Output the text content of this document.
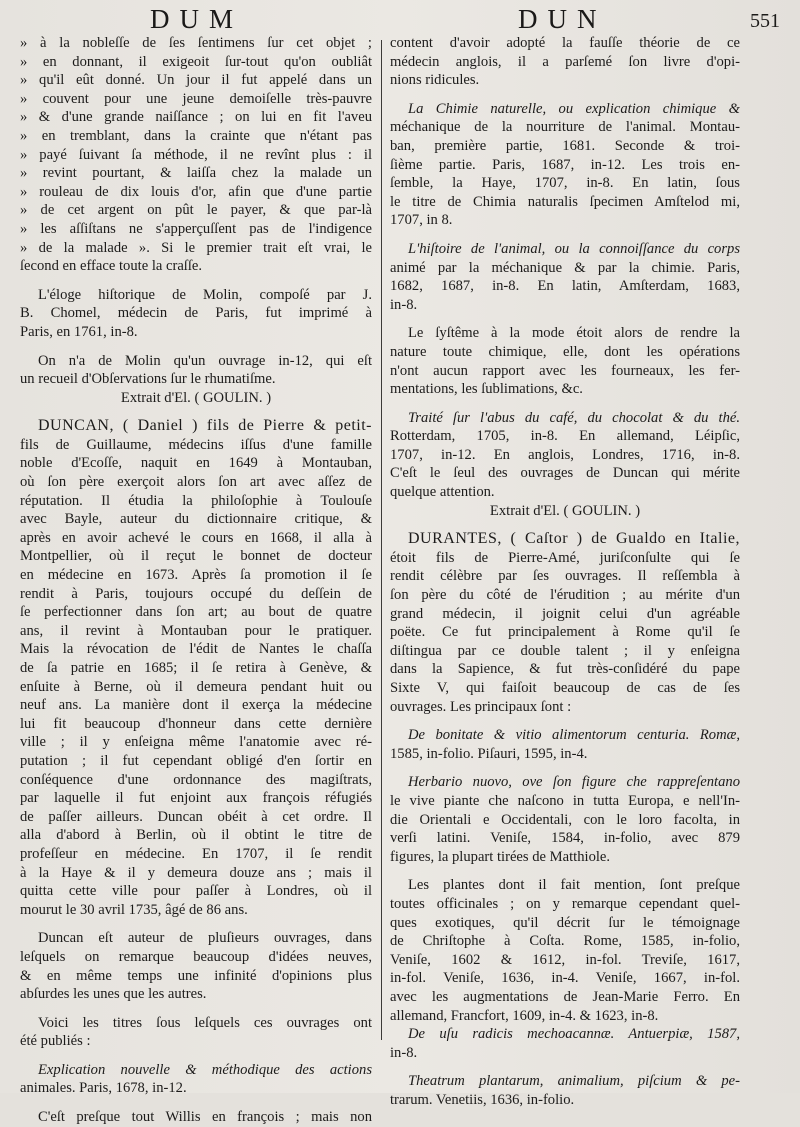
DUM	DUN	551
» à la nobleſſe de ſes ſentimens ſur cet objet ;
» en donnant, il exigeoit ſur-tout qu'on oubliât
» qu'il eût donné. Un jour il fut appelé dans un
» couvent pour une jeune demoiſelle très-pauvre
» & d'une grande naiſſance ; on lui en fit l'aveu
» en tremblant, dans la crainte que n'étant pas
» payé ſuivant ſa méthode, il ne revînt plus : il
» revint pourtant, & laiſſa chez la malade un
» rouleau de dix louis d'or, afin que d'une partie
» de cet argent on pût le payer, & que par-là
» les aſſiſtans ne s'apperçuſſent pas de l'indigence
» de la malade ». Si le premier trait eſt vrai, le
ſecond en efface toute la craſſe.
L'éloge hiſtorique de Molin, compoſé par J.
B. Chomel, médecin de Paris, fut imprimé à
Paris, en 1761, in-8.
On n'a de Molin qu'un ouvrage in-12, qui eſt
un recueil d'Obſervations ſur le rhumatiſme.
Extrait d'El. ( GOULIN. )
DUNCAN, ( Daniel ) fils de Pierre & petit-
fils de Guillaume, médecins iſſus d'une famille
noble d'Ecoſſe, naquit en 1649 à Montauban,
où ſon père exerçoit alors ſon art avec aſſez de
réputation. Il étudia la philoſophie à Toulouſe
avec Bayle, auteur du dictionnaire critique, &
après en avoir achevé le cours en 1668, il alla à
Montpellier, où il reçut le bonnet de docteur
en médecine en 1673. Après ſa promotion il ſe
rendit à Paris, toujours occupé du deſſein de
ſe perfectionner dans ſon art; au bout de quatre
ans, il revint à Montauban pour le pratiquer.
Mais la révocation de l'édit de Nantes le chaſſa
de ſa patrie en 1685; il ſe retira à Genève, &
enſuite à Berne, où il demeura pendant huit ou
neuf ans. La manière dont il exerça la médecine
lui fit beaucoup d'honneur dans cette dernière
ville ; il y enſeigna même l'anatomie avec ré-
putation ; il fut cependant obligé d'en ſortir en
conſéquence d'une ordonnance des magiſtrats,
par laquelle il fut enjoint aux françois réfugiés
de paſſer ailleurs. Duncan obéit à cet ordre. Il
alla d'abord à Berlin, où il obtint le titre de
profeſſeur en médecine. En 1707, il ſe rendit
à la Haye & il y demeura douze ans ; mais il
quitta cette ville pour paſſer à Londres, où il
mourut le 30 avril 1735, âgé de 86 ans.
Duncan eſt auteur de pluſieurs ouvrages, dans
leſquels on remarque beaucoup d'idées neuves,
& en même temps une infinité d'opinions plus
abſurdes les unes que les autres.
Voici les titres ſous leſquels ces ouvrages ont
été publiés :
Explication nouvelle & méthodique des actions
animales. Paris, 1678, in-12.
C'eſt preſque tout Willis en françois ; mais non
content d'avoir adopté la fauſſe théorie de ce
médecin anglois, il a parſemé ſon livre d'opi-
nions ridicules.
La Chimie naturelle, ou explication chimique &
méchanique de la nourriture de l'animal. Montau-
ban, première partie, 1681. Seconde & troi-
ſième partie. Paris, 1687, in-12. Les trois en-
ſemble, la Haye, 1707, in-8. En latin, ſous
le titre de Chimia naturalis ſpecimen Amſtelod mi,
1707, in 8.
L'hiſtoire de l'animal, ou la connoiſſance du corps
animé par la méchanique & par la chimie. Paris,
1682, 1687, in-8. En latin, Amſterdam, 1683,
in-8.
Le ſyſtême à la mode étoit alors de rendre la
nature toute chimique, elle, dont les opérations
n'ont aucun rapport avec les fourneaux, les fer-
mentations, les ſublimations, &c.
Traité ſur l'abus du café, du chocolat & du thé.
Rotterdam, 1705, in-8. En allemand, Léipſic,
1707, in-12. En anglois, Londres, 1716, in-8.
C'eſt le ſeul des ouvrages de Duncan qui mérite
quelque attention.
Extrait d'El. ( GOULIN. )
DURANTES, ( Caſtor ) de Gualdo en Italie,
étoit fils de Pierre-Amé, juriſconſulte qui ſe
rendit célèbre par ſes ouvrages. Il reſſembla à
ſon père du côté de l'érudition ; au mérite d'un
grand médecin, il joignit celui d'un agréable
poëte. Ce fut principalement à Rome qu'il ſe
diſtingua par ce double talent ; il y enſeigna
dans la Sapience, & fut très-conſidéré du pape
Sixte V, qui faiſoit beaucoup de cas de ſes
ouvrages. Les principaux ſont :
De bonitate & vitio alimentorum centuria. Romæ,
1585, in-folio. Piſauri, 1595, in-4.
Herbario nuovo, ove ſon figure che rappreſentano
le vive piante che naſcono in tutta Europa, e nell'In-
die Orientali e Occidentali, con le loro facolta, in
verſi latini. Veniſe, 1584, in-folio, avec 879
figures, la plupart tirées de Matthiole.
Les plantes dont il fait mention, ſont preſque
toutes officinales ; on y remarque cependant quel-
ques exotiques, qu'il décrit ſur le témoignage
de Chriſtophe à Coſta. Rome, 1585, in-folio,
Veniſe, 1602 & 1612, in-fol. Treviſe, 1617,
in-fol. Veniſe, 1636, in-4. Veniſe, 1667, in-fol.
avec les augmentations de Jean-Marie Ferro. En
allemand, Francfort, 1609, in-4. & 1623, in-8.
De uſu radicis mechoacannæ. Antuerpiæ, 1587,
in-8.
Theatrum plantarum, animalium, piſcium & pe-
trarum. Venetiis, 1636, in-folio.
